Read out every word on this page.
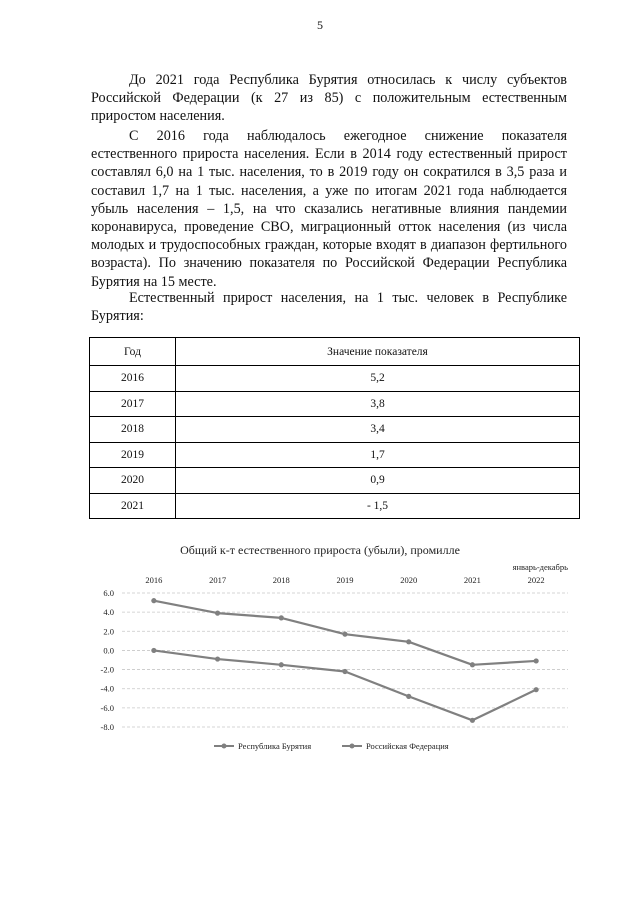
5

До 2021 года Республика Бурятия относилась к числу субъектов Российской Федерации (к 27 из 85) с положительным естественным приростом населения.

С 2016 года наблюдалось ежегодное снижение показателя естественного прироста населения. Если в 2014 году естественный прирост составлял 6,0 на 1 тыс. населения, то в 2019 году он сократился в 3,5 раза и составил 1,7 на 1 тыс. населения, а уже по итогам 2021 года наблюдается убыль населения – 1,5, на что сказались негативные влияния пандемии коронавируса, проведение СВО, миграционный отток населения (из числа молодых и трудоспособных граждан, которые входят в диапазон фертильного возраста). По значению показателя по Российской Федерации Республика Бурятия на 15 месте.

Естественный прирост населения, на 1 тыс. человек в Республике Бурятия:

Год	Значение показателя
2016	5,2
2017	3,8
2018	3,4
2019	1,7
2020	0,9
2021	- 1,5
Общий к-т естественного прироста (убыли), промилле
январь-декабрь
6.0
4.0
2.0
0.0
-2.0
-4.0
-6.0
-8.0
2016	2017	2018	2019	2020	2021	2022
Республика Бурятия	Российская Федерация
